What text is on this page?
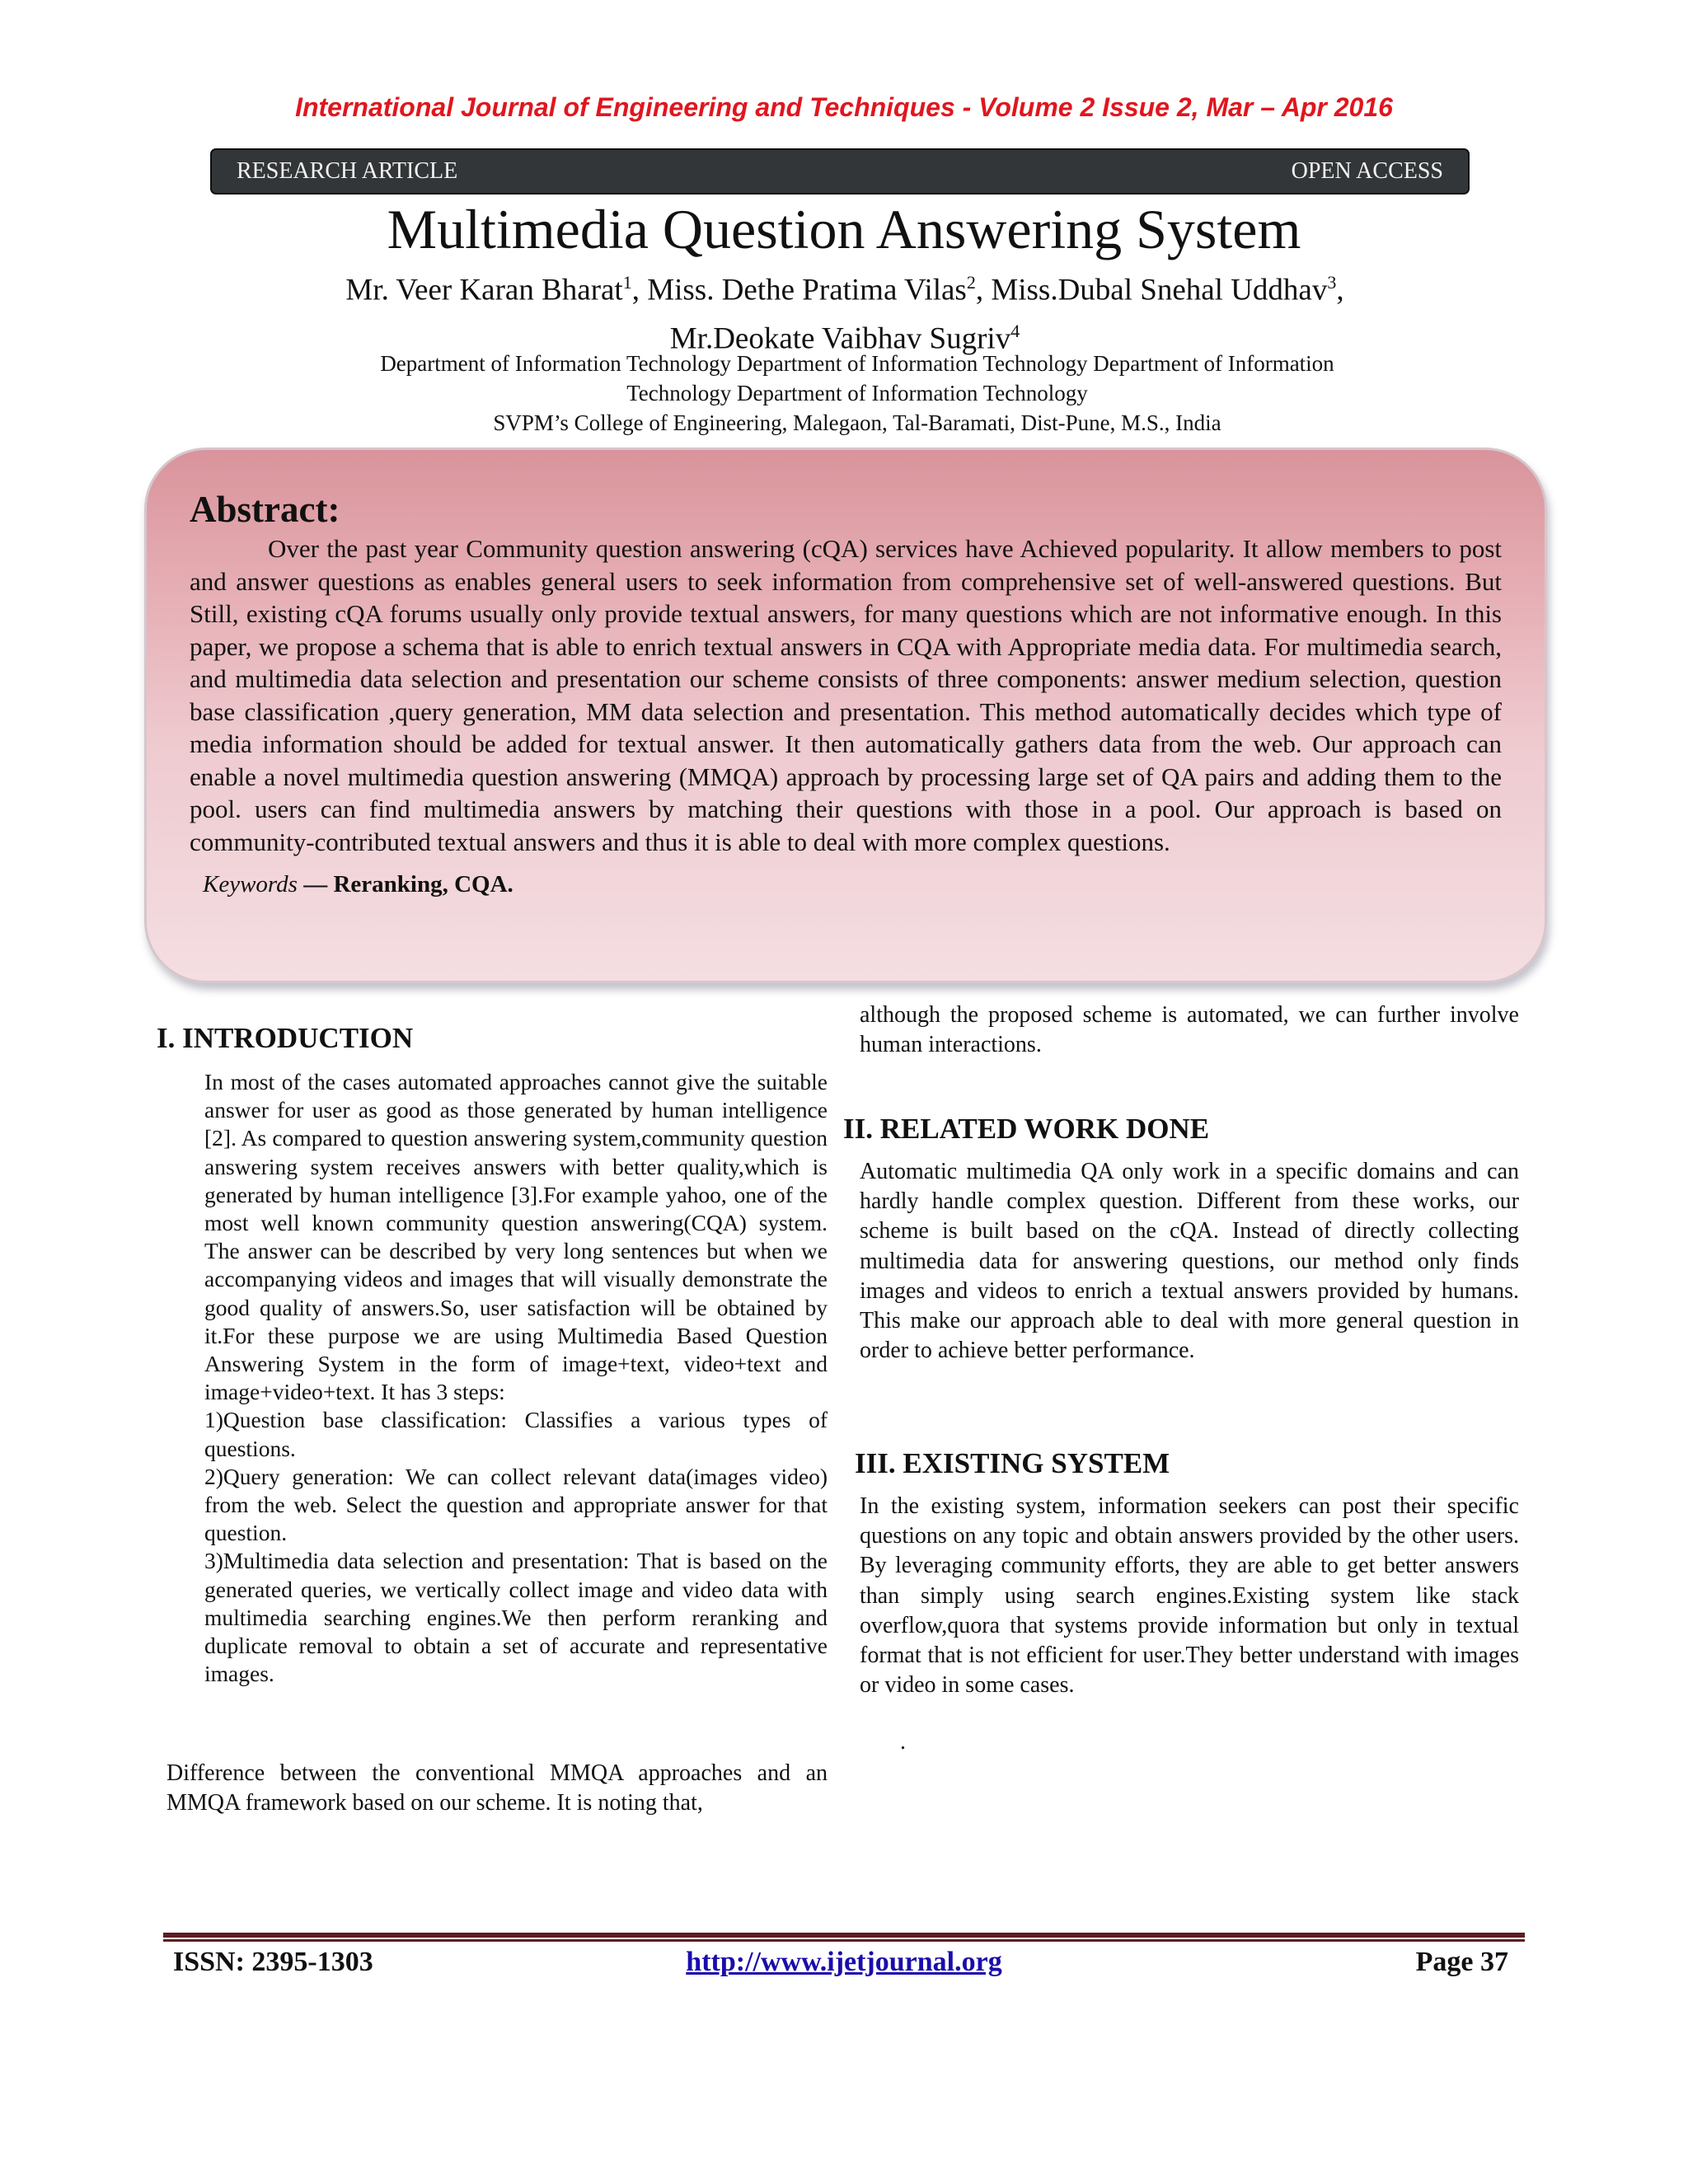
International Journal of Engineering and Techniques - Volume 2 Issue 2, Mar – Apr 2016
RESEARCH ARTICLE	OPEN ACCESS
Multimedia Question Answering System
Mr. Veer Karan Bharat$^1$, Miss. Dethe Pratima Vilas$^2$, Miss.Dubal Snehal Uddhav$^3$,
Mr.Deokate Vaibhav Sugriv$^4$
Department of Information Technology Department of Information Technology Department of Information
Technology Department of Information Technology
SVPM’s College of Engineering, Malegaon, Tal-Baramati, Dist-Pune, M.S., India

Abstract:

Over the past year Community question answering (cQA) services have Achieved popularity. It allow members to post and answer questions as enables general users to seek information from comprehensive set of well-answered questions. But Still, existing cQA forums usually only provide textual answers, for many questions which are not informative enough. In this paper, we propose a schema that is able to enrich textual answers in CQA with Appropriate media data. For multimedia search, and multimedia data selection and presentation our scheme consists of three components: answer medium selection, question base classification ,query generation, MM data selection and presentation. This method automatically decides which type of media information should be added for textual answer. It then automatically gathers data from the web. Our approach can enable a novel multimedia question answering (MMQA) approach by processing large set of QA pairs and adding them to the pool. users can find multimedia answers by matching their questions with those in a pool. Our approach is based on community-contributed textual answers and thus it is able to deal with more complex questions.

Keywords — Reranking, CQA.
I. INTRODUCTION

In most of the cases automated approaches cannot give the suitable answer for user as good as those generated by human intelligence [2]. As compared to question answering system,community question answering system receives answers with better quality,which is generated by human intelligence [3].For example yahoo, one of the most well known community question answering(CQA) system. The answer can be described by very long sentences but when we accompanying videos and images that will visually demonstrate the good quality of answers.So, user satisfaction will be obtained by it.For these purpose we are using Multimedia Based Question Answering System in the form of image+text, video+text and image+video+text. It has 3 steps:

1)Question base classification: Classifies a various types of questions.

2)Query generation: We can collect relevant data(images video) from the web. Select the question and appropriate answer for that question.

3)Multimedia data selection and presentation: That is based on the generated queries, we vertically collect image and video data with multimedia searching engines.We then perform reranking and duplicate removal to obtain a set of accurate and representative images.

Difference between the conventional MMQA approaches and an MMQA framework based on our scheme. It is noting that,
although the proposed scheme is automated, we can further involve human interactions.
II. RELATED WORK DONE
Automatic multimedia QA only work in a specific domains and can hardly handle complex question. Different from these works, our scheme is built based on the cQA. Instead of directly collecting multimedia data for answering questions, our method only finds images and videos to enrich a textual answers provided by humans. This make our approach able to deal with more general question in order to achieve better performance.
III. EXISTING SYSTEM
In the existing system, information seekers can post their specific questions on any topic and obtain answers provided by the other users. By leveraging community efforts, they are able to get better answers than simply using search engines.Existing system like stack overflow,quora that systems provide information but only in textual format that is not efficient for user.They better understand with images or video in some cases.
.
ISSN: 2395-1303	http://www.ijetjournal.org	Page 37
